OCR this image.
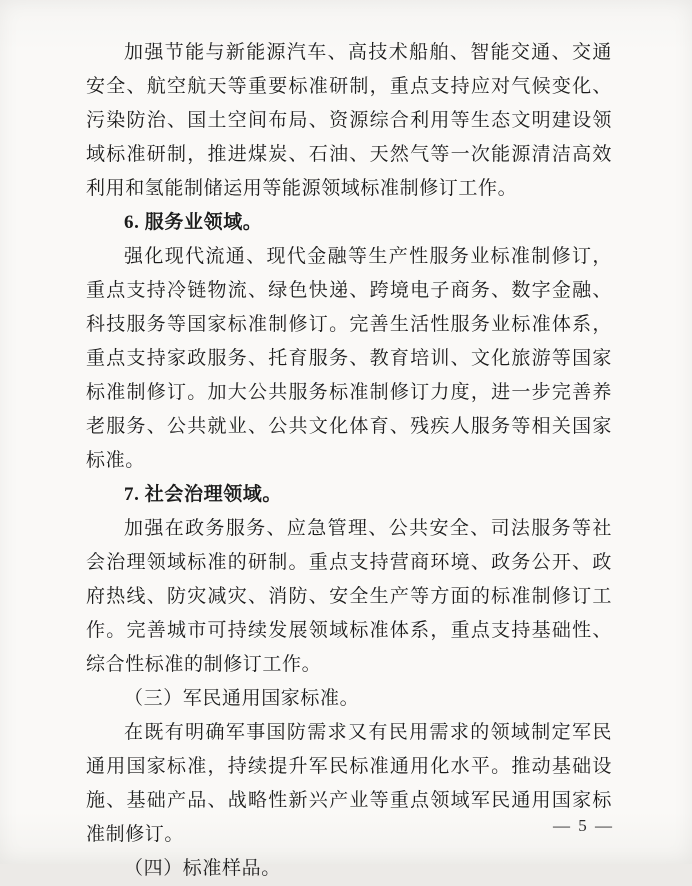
加强节能与新能源汽车、高技术船舶、智能交通、交通安全、航空航天等重要标准研制，重点支持应对气候变化、污染防治、国土空间布局、资源综合利用等生态文明建设领域标准研制，推进煤炭、石油、天然气等一次能源清洁高效利用和氢能制储运用等能源领域标准制修订工作。

6. 服务业领域。

强化现代流通、现代金融等生产性服务业标准制修订，重点支持冷链物流、绿色快递、跨境电子商务、数字金融、科技服务等国家标准制修订。完善生活性服务业标准体系，重点支持家政服务、托育服务、教育培训、文化旅游等国家标准制修订。加大公共服务标准制修订力度，进一步完善养老服务、公共就业、公共文化体育、残疾人服务等相关国家标准。

7. 社会治理领域。

加强在政务服务、应急管理、公共安全、司法服务等社会治理领域标准的研制。重点支持营商环境、政务公开、政府热线、防灾减灾、消防、安全生产等方面的标准制修订工作。完善城市可持续发展领域标准体系，重点支持基础性、综合性标准的制修订工作。

（三）军民通用国家标准。

在既有明确军事国防需求又有民用需求的领域制定军民通用国家标准，持续提升军民标准通用化水平。推动基础设施、基础产品、战略性新兴产业等重点领域军民通用国家标准制修订。

（四）标准样品。

— 5 —
